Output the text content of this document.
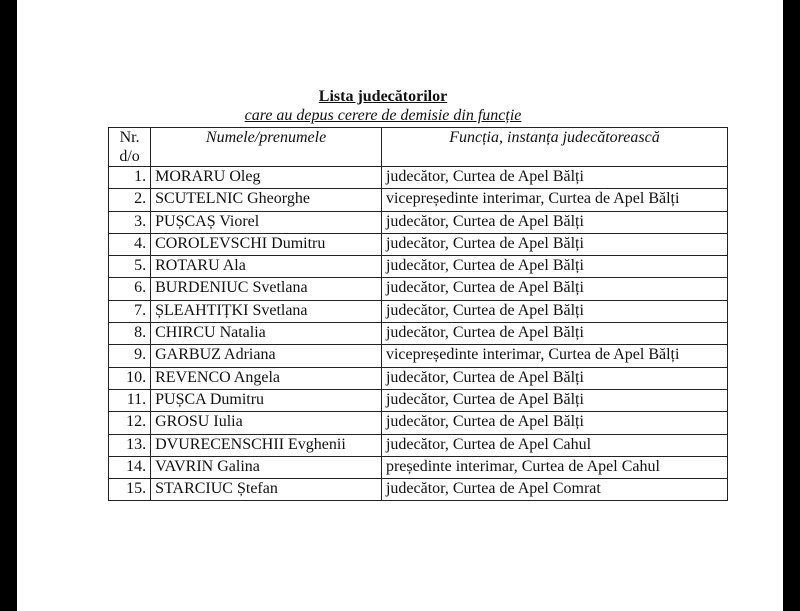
Lista judecătorilor
care au depus cerere de demisie din funcție
Nr.
d/o	Numele/prenumele	Funcția, instanța judecătorească
1.	MORARU Oleg	judecător, Curtea de Apel Bălți
2.	SCUTELNIC Gheorghe	vicepreședinte interimar, Curtea de Apel Bălți
3.	PUȘCAȘ Viorel	judecător, Curtea de Apel Bălți
4.	COROLEVSCHI Dumitru	judecător, Curtea de Apel Bălți
5.	ROTARU Ala	judecător, Curtea de Apel Bălți
6.	BURDENIUC Svetlana	judecător, Curtea de Apel Bălți
7.	ȘLEAHTIȚKI Svetlana	judecător, Curtea de Apel Bălți
8.	CHIRCU Natalia	judecător, Curtea de Apel Bălți
9.	GARBUZ Adriana	vicepreședinte interimar, Curtea de Apel Bălți
10.	REVENCO Angela	judecător, Curtea de Apel Bălți
11.	PUȘCA Dumitru	judecător, Curtea de Apel Bălți
12.	GROSU Iulia	judecător, Curtea de Apel Bălți
13.	DVURECENSCHII Evghenii	judecător, Curtea de Apel Cahul
14.	VAVRIN Galina	președinte interimar, Curtea de Apel Cahul
15.	STARCIUC Ștefan	judecător, Curtea de Apel Comrat
